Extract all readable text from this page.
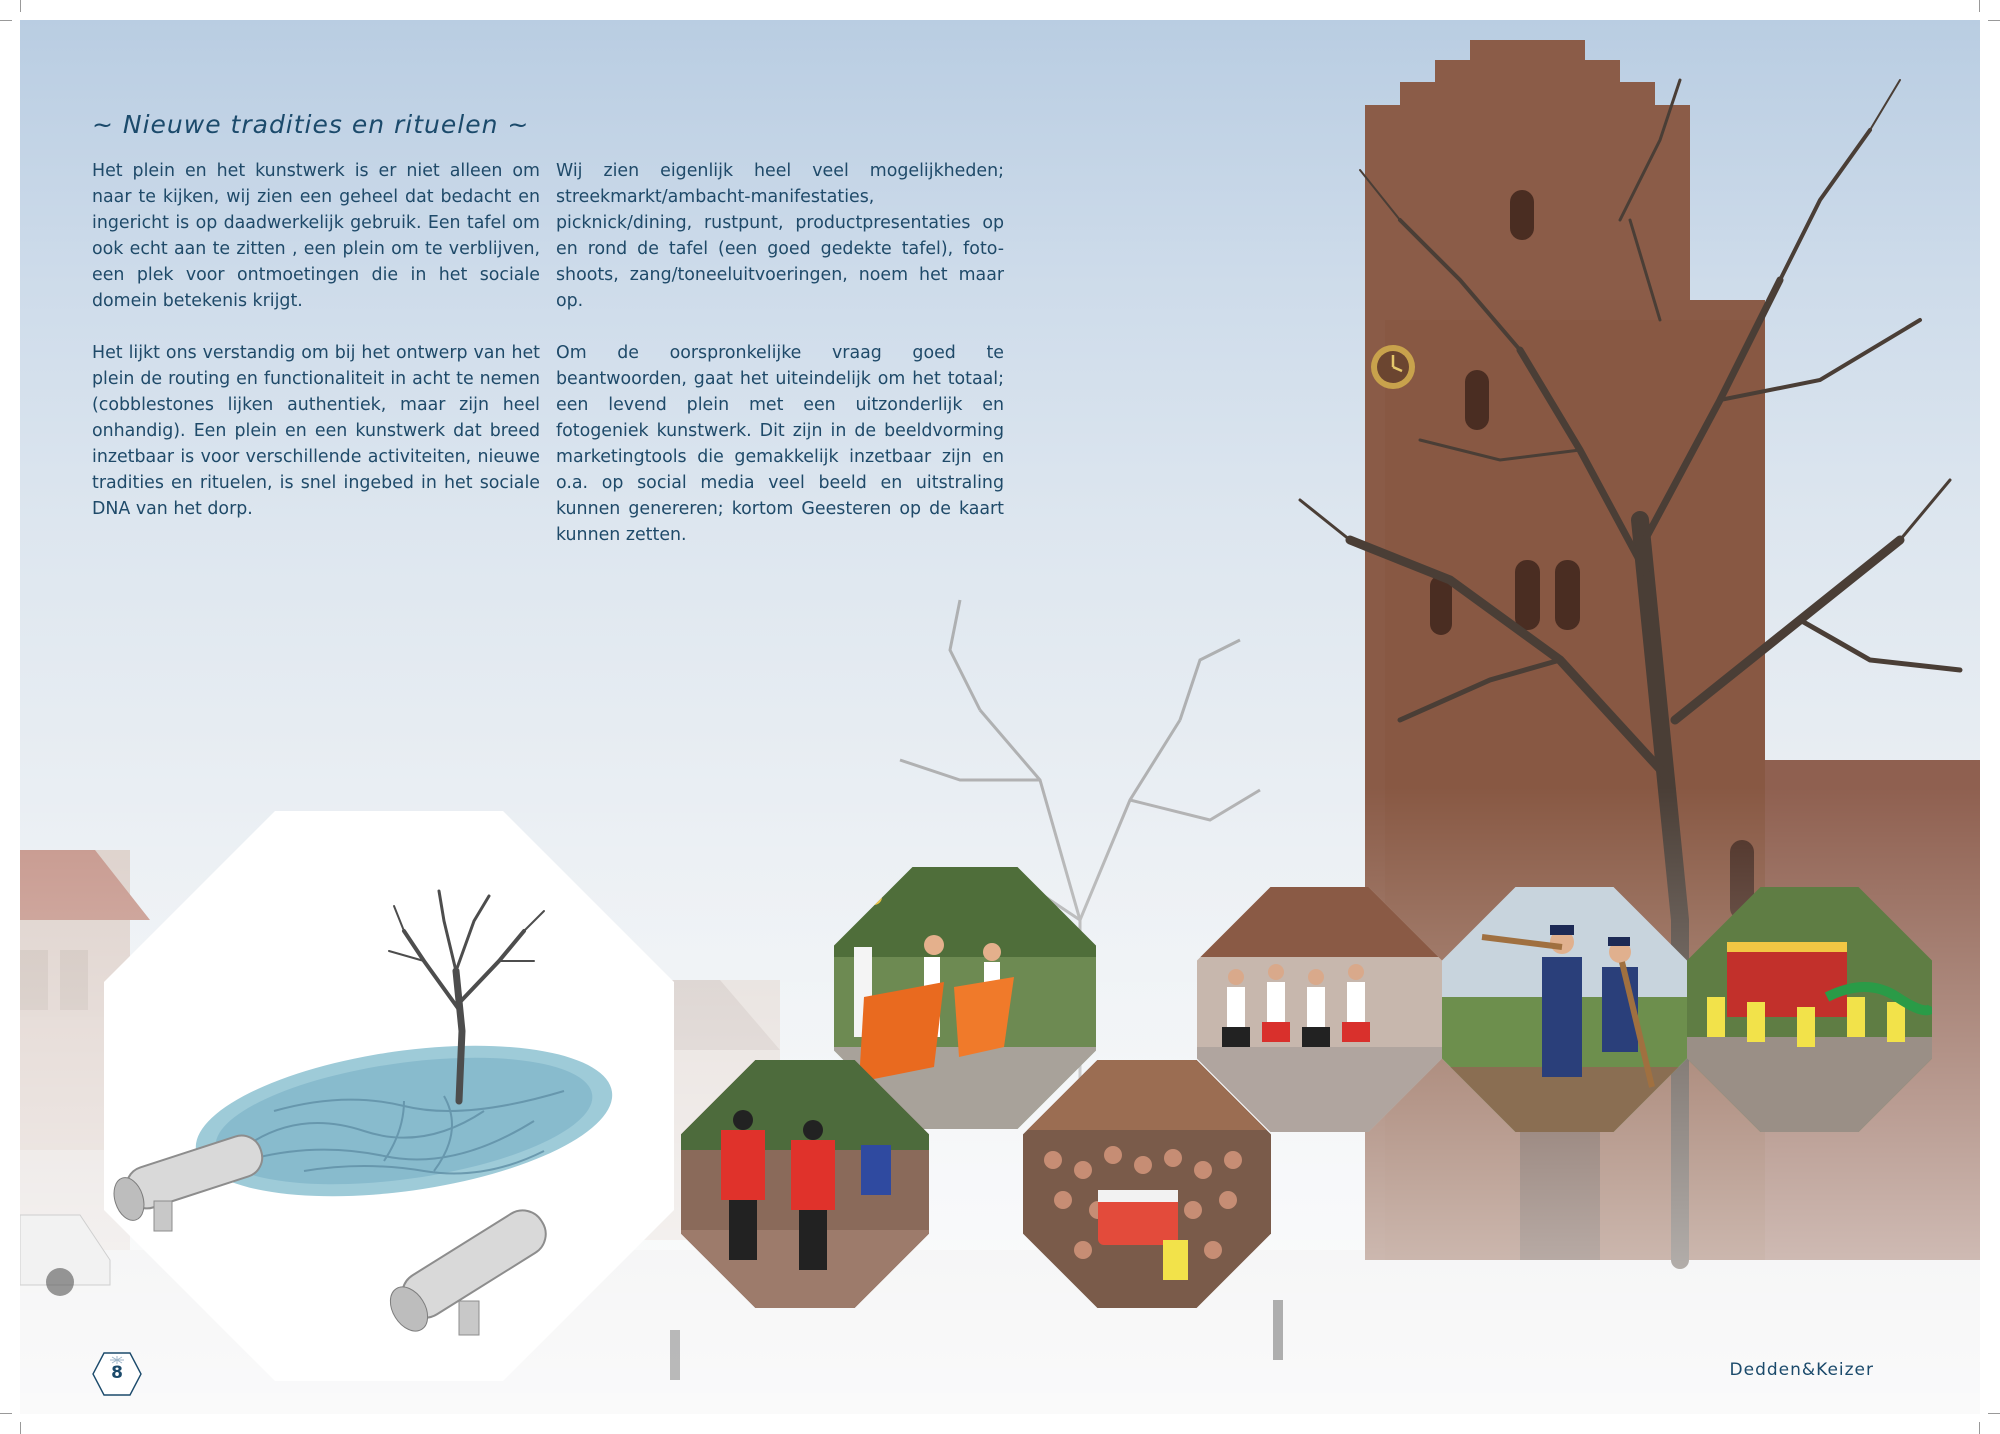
~ Nieuwe tradities en rituelen ~

Het plein en het kunstwerk is er niet alleen om naar te kijken, wij zien een geheel dat bedacht en ingericht is op daadwerkelijk gebruik. Een tafel om ook echt aan te zitten , een plein om te verblijven, een plek voor ontmoetingen die in het sociale domein betekenis krijgt.

Het lijkt ons verstandig om bij het ontwerp van het plein de routing en functionaliteit in acht te nemen (cobblestones lijken authentiek, maar zijn heel onhandig). Een plein en een kunstwerk dat breed inzetbaar is voor verschillende activiteiten, nieuwe tradities en rituelen, is snel ingebed in het sociale DNA van het dorp.

Wij zien eigenlijk heel veel mogelijkheden; streekmarkt/ambacht-manifestaties, picknick/dining, rustpunt, productpresentaties op en rond de tafel (een goed gedekte tafel), foto-shoots, zang/toneeluitvoeringen, noem het maar op.

Om de oorspronkelijke vraag goed te beantwoorden, gaat het uiteindelijk om het totaal; een levend plein met een uitzonderlijk en fotogeniek kunstwerk. Dit zijn in de beeldvorming marketingtools die gemakkelijk inzetbaar zijn en o.a. op social media veel beeld en uitstraling kunnen genereren; kortom Geesteren op de kaart kunnen zetten.

8	Dedden&Keizer
